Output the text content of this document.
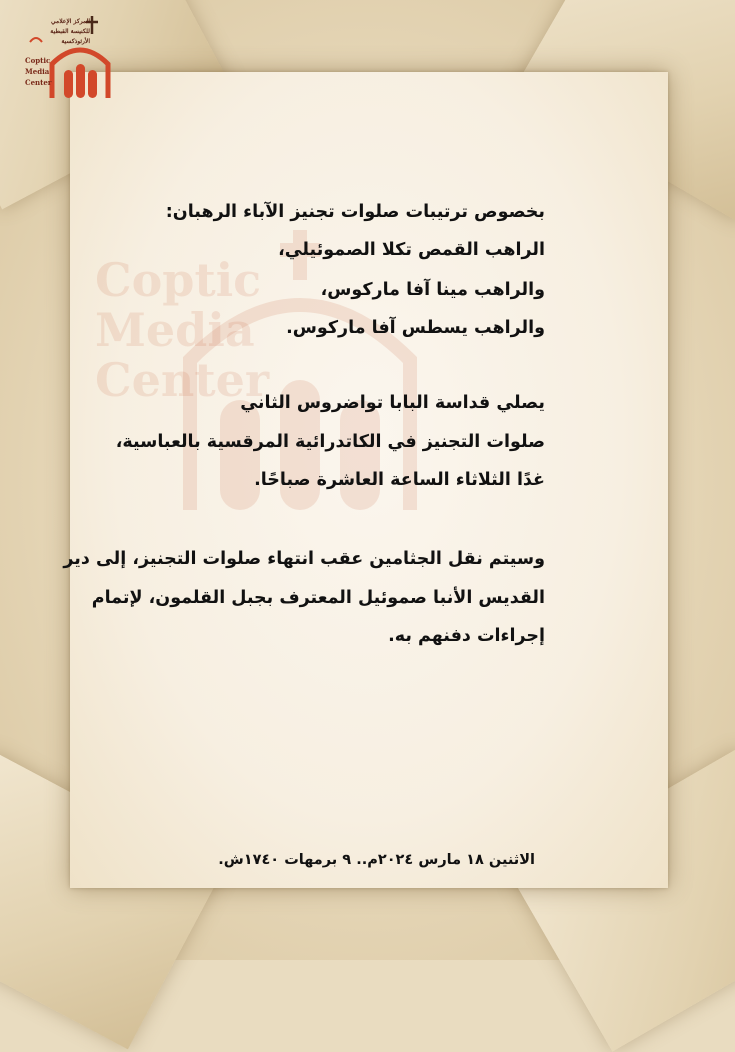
Coptic
Media
Center
المركز الإعلامي للكنيسة القبطية الأرثوذكسية
Coptic
Media
Center
بخصوص ترتيبات صلوات تجنيز الآباء الرهبان:
الراهب القمص تكلا الصموئيلي،
والراهب مينا آفا ماركوس،
والراهب يسطس آفا ماركوس.
يصلي قداسة البابا تواضروس الثاني
صلوات التجنيز في الكاتدرائية المرقسية بالعباسية،
غدًا الثلاثاء الساعة العاشرة صباحًا.
وسيتم نقل الجثامين عقب انتهاء صلوات التجنيز، إلى دير
القديس الأنبا صموئيل المعترف بجبل القلمون، لإتمام
إجراءات دفنهم به.
الاثنين ١٨ مارس ٢٠٢٤م.. ٩ برمهات ١٧٤٠ش.
